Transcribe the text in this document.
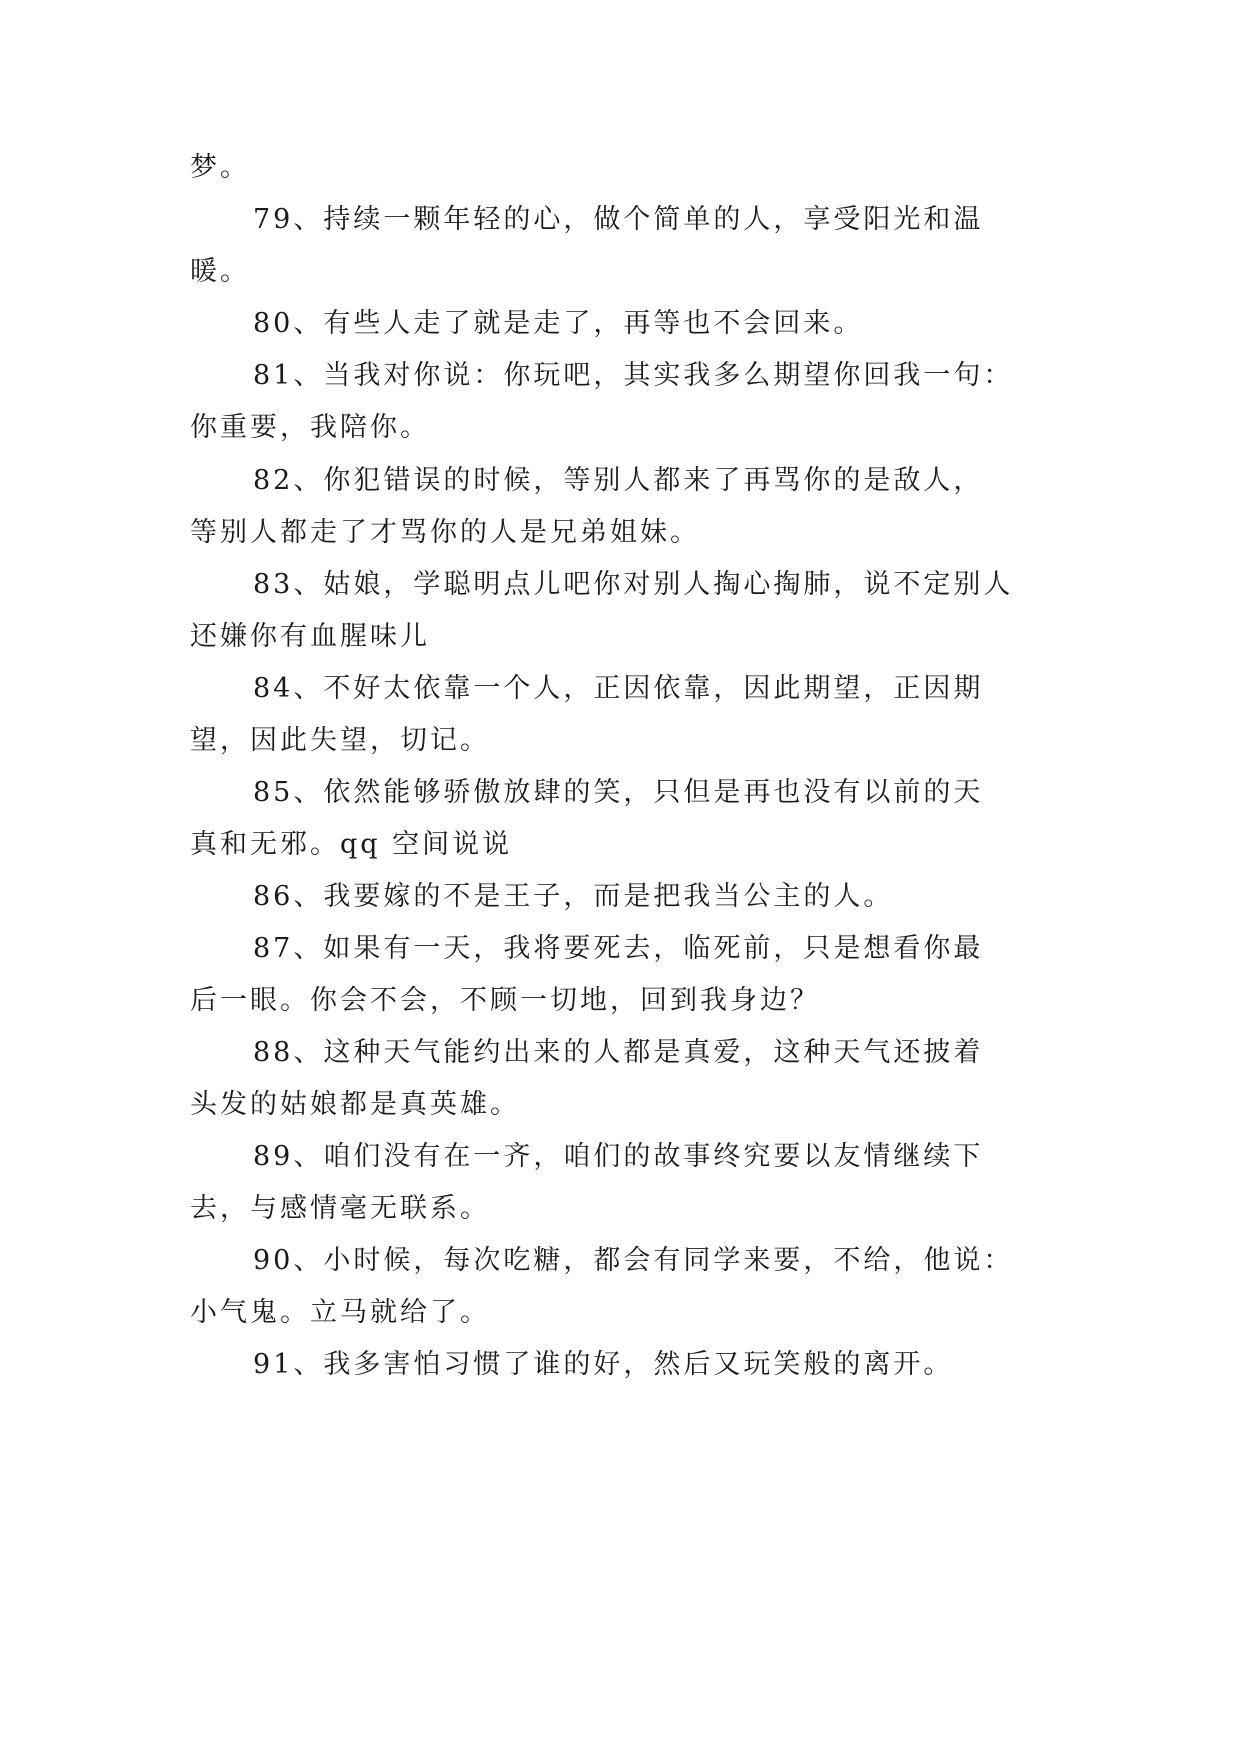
梦。

79、持续一颗年轻的心，做个简单的人，享受阳光和温

暖。

80、有些人走了就是走了，再等也不会回来。

81、当我对你说：你玩吧，其实我多么期望你回我一句：

你重要，我陪你。

82、你犯错误的时候，等别人都来了再骂你的是敌人，

等别人都走了才骂你的人是兄弟姐妹。

83、姑娘，学聪明点儿吧你对别人掏心掏肺，说不定别人

还嫌你有血腥味儿

84、不好太依靠一个人，正因依靠，因此期望，正因期

望，因此失望，切记。

85、依然能够骄傲放肆的笑，只但是再也没有以前的天

真和无邪。qq 空间说说

86、我要嫁的不是王子，而是把我当公主的人。

87、如果有一天，我将要死去，临死前，只是想看你最

后一眼。你会不会，不顾一切地，回到我身边？

88、这种天气能约出来的人都是真爱，这种天气还披着

头发的姑娘都是真英雄。

89、咱们没有在一齐，咱们的故事终究要以友情继续下

去，与感情毫无联系。

90、小时候，每次吃糖，都会有同学来要，不给，他说：

小气鬼。立马就给了。

91、我多害怕习惯了谁的好，然后又玩笑般的离开。
